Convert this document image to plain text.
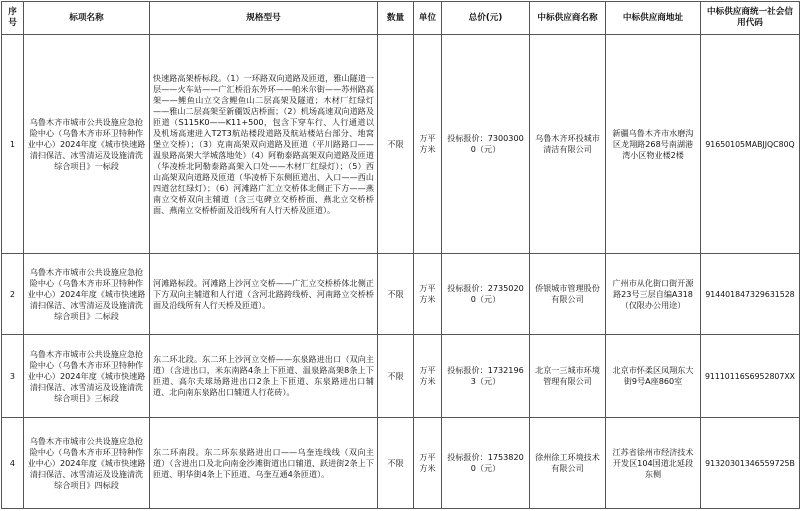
序号	标项名称	规格型号	数量	单位	总价(元)	中标供应商名称	中标供应商地址	中标供应商统一社会信用代码
1	乌鲁木齐市城市公共设施应急抢险中心（乌鲁木齐市环卫特种作业中心）2024年度《城市快速路清扫保洁、冰雪清运及设施清洗综合项目》一标段	快速路高架桥标段。（1）一环路双向道路及匝道，雅山隧道一层——火车站——广汇桥沿东外环——帕米尔街——苏州路高架——鲤鱼山立交含鲤鱼山二层高架及隧道；木材厂红绿灯——雅山二层高架至新疆饭店桥面；（2）机场高速双向道路及匝道（S115K0——K11+500，包含下穿车行、人行通道以及机场高速进入T2T3航站楼段道路及航站楼站台部分、地窝堡立交桥）；（3）克南高架双向道路及匝道（平川路路口——温泉路高架大学城落地处）（4）阿勒泰路高架双向道路及匝道（华凌桥北阿勒泰路高架入口处——木材厂红绿灯）；（5）西山高架双向道路及匝道（华凌桥下东侧匝道出、入口——西山四道岔红绿灯）；（6）河滩路广汇立交桥体北侧正下方——燕南立交桥双向主辅道（含三屯碑立交桥桥面、燕北立交桥桥面、燕南立交桥桥面及沿线所有人行天桥及匝道）。	不限	万平方米	投标报价：73003000（元）	乌鲁木齐环投城市清洁有限公司	新疆乌鲁木齐市水磨沟区龙翔路268号南湖港湾小区物业楼2楼	91650105MABJJQC80Q
2	乌鲁木齐市城市公共设施应急抢险中心（乌鲁木齐市环卫特种作业中心）2024年度《城市快速路清扫保洁、冰雪清运及设施清洗综合项目》二标段	河滩路标段。河滩路上沙河立交桥——广汇立交桥桥体北侧正下方双向主辅道和人行道（含河北路跨线桥、河南路立交桥桥面及沿线所有人行天桥及匝道）。	不限	万平方米	投标报价：27350200（元）	侨银城市管理股份有限公司	广州市从化街口街开源路23号三层自编A318（仅限办公用途）	914401847329631528
3	乌鲁木齐市城市公共设施应急抢险中心（乌鲁木齐市环卫特种作业中心）2024年度《城市快速路清扫保洁、冰雪清运及设施清洗综合项目》三标段	东二环北段。东二环上沙河立交桥——东泉路进出口（双向主道）（含进出口，米东南路4条上下匝道、温泉路高架8条上下匝道、高尔夫球场路进出口2条上下匝道、东泉路进出口辅道、北向南东泉路出口辅道人行花砖）。	不限	万平方米	投标报价：17321963（元）	北京一三城市环境管理有限公司	北京市怀柔区凤翔东大街9号A座860室	91110116S6952807XX
4	乌鲁木齐市城市公共设施应急抢险中心（乌鲁木齐市环卫特种作业中心）2024年度《城市快速路清扫保洁、冰雪清运及设施清洗综合项目》四标段	东二环南段。东二环东泉路进出口——乌奎连线线（双向主道）（含进出口及北向南金沙滩街道出口辅道、跃进街2条上下匝道、明华街4条上下匝道、乌奎互通4条匝道）。	不限	万平方米	投标报价：17538200（元）	徐州徐工环境技术有限公司	江苏省徐州市经济技术开发区104国道北延段东侧	91320301346559725B
